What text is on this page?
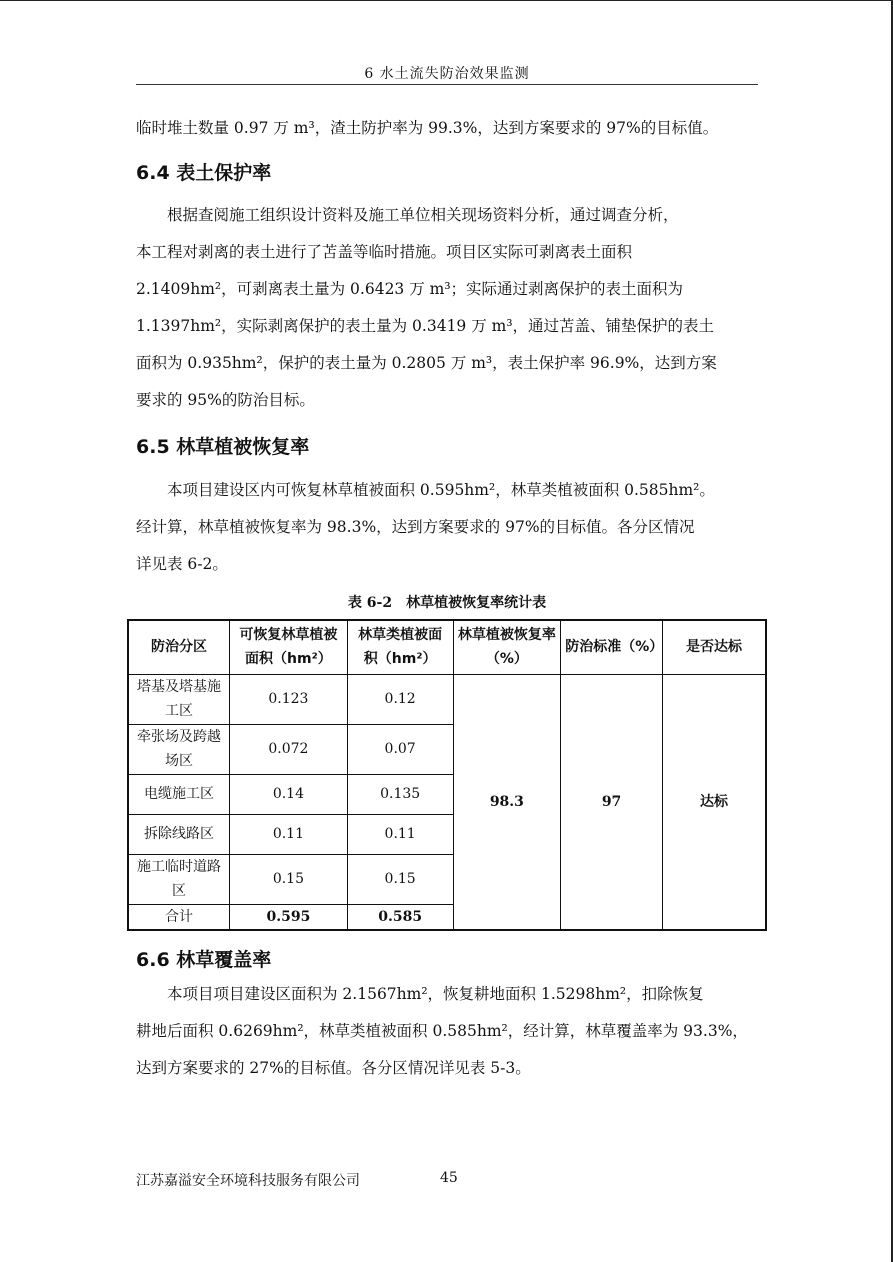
6 水土流失防治效果监测

临时堆土数量 0.97 万 m³，渣土防护率为 99.3%，达到方案要求的 97%的目标值。

6.4 表土保护率

　　根据查阅施工组织设计资料及施工单位相关现场资料分析，通过调查分析，
本工程对剥离的表土进行了苫盖等临时措施。项目区实际可剥离表土面积
2.1409hm²，可剥离表土量为 0.6423 万 m³；实际通过剥离保护的表土面积为
1.1397hm²，实际剥离保护的表土量为 0.3419 万 m³，通过苫盖、铺垫保护的表土
面积为 0.935hm²，保护的表土量为 0.2805 万 m³，表土保护率 96.9%，达到方案
要求的 95%的防治目标。

6.5 林草植被恢复率

　　本项目建设区内可恢复林草植被面积 0.595hm²，林草类植被面积 0.585hm²。
经计算，林草植被恢复率为 98.3%，达到方案要求的 97%的目标值。各分区情况
详见表 6-2。

表 6-2　林草植被恢复率统计表
防治分区	可恢复林草植被面积（hm²）	林草类植被面积（hm²）	林草植被恢复率（%）	防治标准（%）	是否达标
塔基及塔基施工区	0.123	0.12	98.3	97	达标
牵张场及跨越场区	0.072	0.07			
电缆施工区	0.14	0.135			
拆除线路区	0.11	0.11			
施工临时道路区	0.15	0.15			
合计	0.595	0.585			
6.6 林草覆盖率

　　本项目项目建设区面积为 2.1567hm²，恢复耕地面积 1.5298hm²，扣除恢复
耕地后面积 0.6269hm²，林草类植被面积 0.585hm²，经计算，林草覆盖率为 93.3%，
达到方案要求的 27%的目标值。各分区情况详见表 5-3。

江苏嘉溢安全环境科技服务有限公司	45
